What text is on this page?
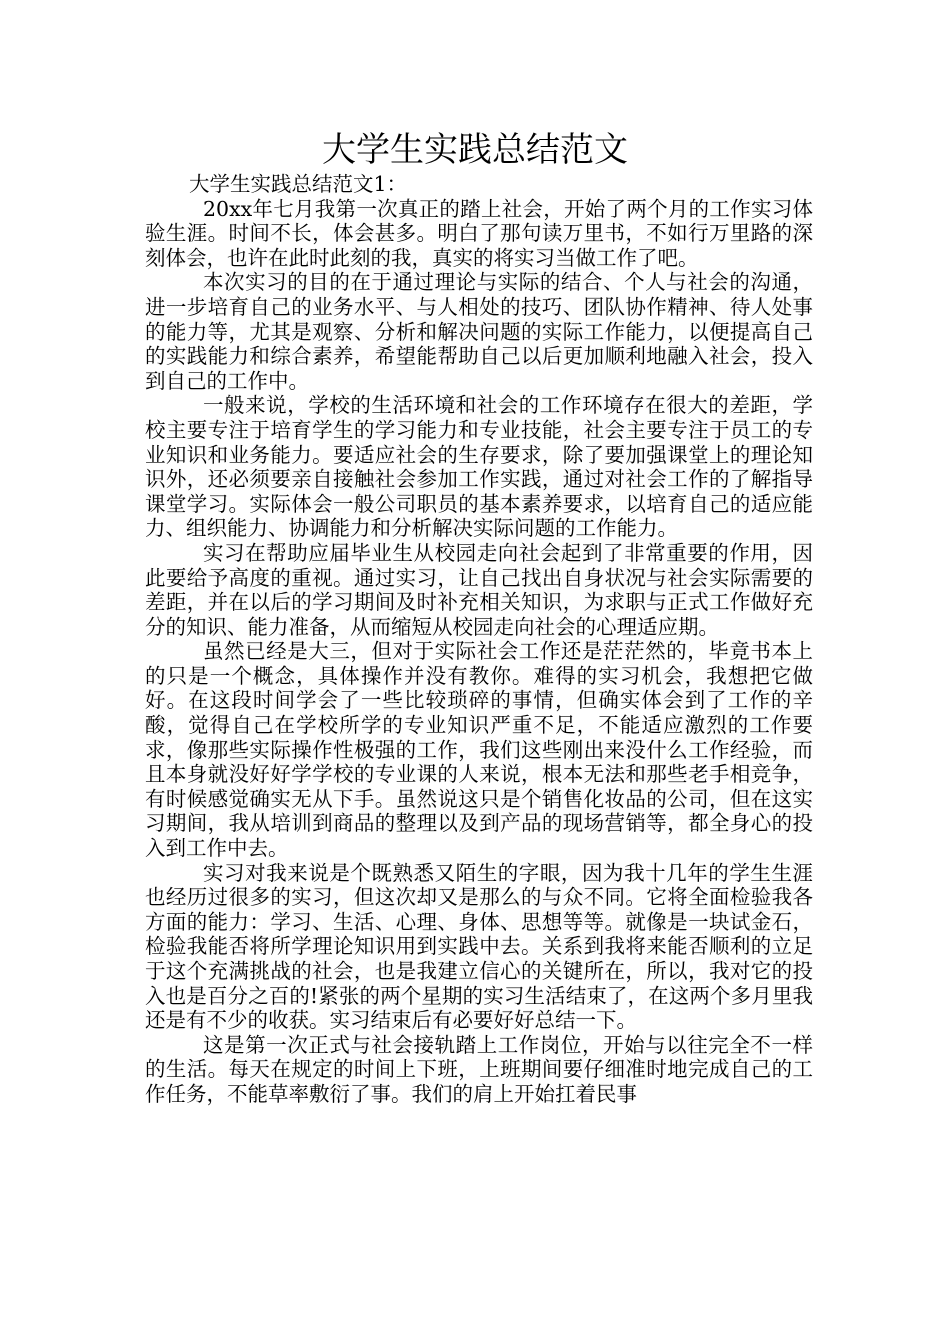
大学生实践总结范文

大学生实践总结范文1：

20xx年七月我第一次真正的踏上社会，开始了两个月的工作实习体验生涯。时间不长，体会甚多。明白了那句读万里书，不如行万里路的深刻体会，也许在此时此刻的我，真实的将实习当做工作了吧。

本次实习的目的在于通过理论与实际的结合、个人与社会的沟通，进一步培育自己的业务水平、与人相处的技巧、团队协作精神、待人处事的能力等，尤其是观察、分析和解决问题的实际工作能力，以便提高自己的实践能力和综合素养，希望能帮助自己以后更加顺利地融入社会，投入到自己的工作中。

一般来说，学校的生活环境和社会的工作环境存在很大的差距，学校主要专注于培育学生的学习能力和专业技能，社会主要专注于员工的专业知识和业务能力。要适应社会的生存要求，除了要加强课堂上的理论知识外，还必须要亲自接触社会参加工作实践，通过对社会工作的了解指导课堂学习。实际体会一般公司职员的基本素养要求，以培育自己的适应能力、组织能力、协调能力和分析解决实际问题的工作能力。

实习在帮助应届毕业生从校园走向社会起到了非常重要的作用，因此要给予高度的重视。通过实习，让自己找出自身状况与社会实际需要的差距，并在以后的学习期间及时补充相关知识，为求职与正式工作做好充分的知识、能力准备，从而缩短从校园走向社会的心理适应期。

虽然已经是大三，但对于实际社会工作还是茫茫然的，毕竟书本上的只是一个概念，具体操作并没有教你。难得的实习机会，我想把它做好。在这段时间学会了一些比较琐碎的事情，但确实体会到了工作的辛酸，觉得自己在学校所学的专业知识严重不足，不能适应激烈的工作要求，像那些实际操作性极强的工作，我们这些刚出来没什么工作经验，而且本身就没好好学学校的专业课的人来说，根本无法和那些老手相竞争，有时候感觉确实无从下手。虽然说这只是个销售化妆品的公司，但在这实习期间，我从培训到商品的整理以及到产品的现场营销等，都全身心的投入到工作中去。

实习对我来说是个既熟悉又陌生的字眼，因为我十几年的学生生涯也经历过很多的实习，但这次却又是那么的与众不同。它将全面检验我各方面的能力：学习、生活、心理、身体、思想等等。就像是一块试金石，检验我能否将所学理论知识用到实践中去。关系到我将来能否顺利的立足于这个充满挑战的社会，也是我建立信心的关键所在，所以，我对它的投入也是百分之百的!紧张的两个星期的实习生活结束了，在这两个多月里我还是有不少的收获。实习结束后有必要好好总结一下。

这是第一次正式与社会接轨踏上工作岗位，开始与以往完全不一样的生活。每天在规定的时间上下班，上班期间要仔细准时地完成自己的工作任务，不能草率敷衍了事。我们的肩上开始扛着民事
